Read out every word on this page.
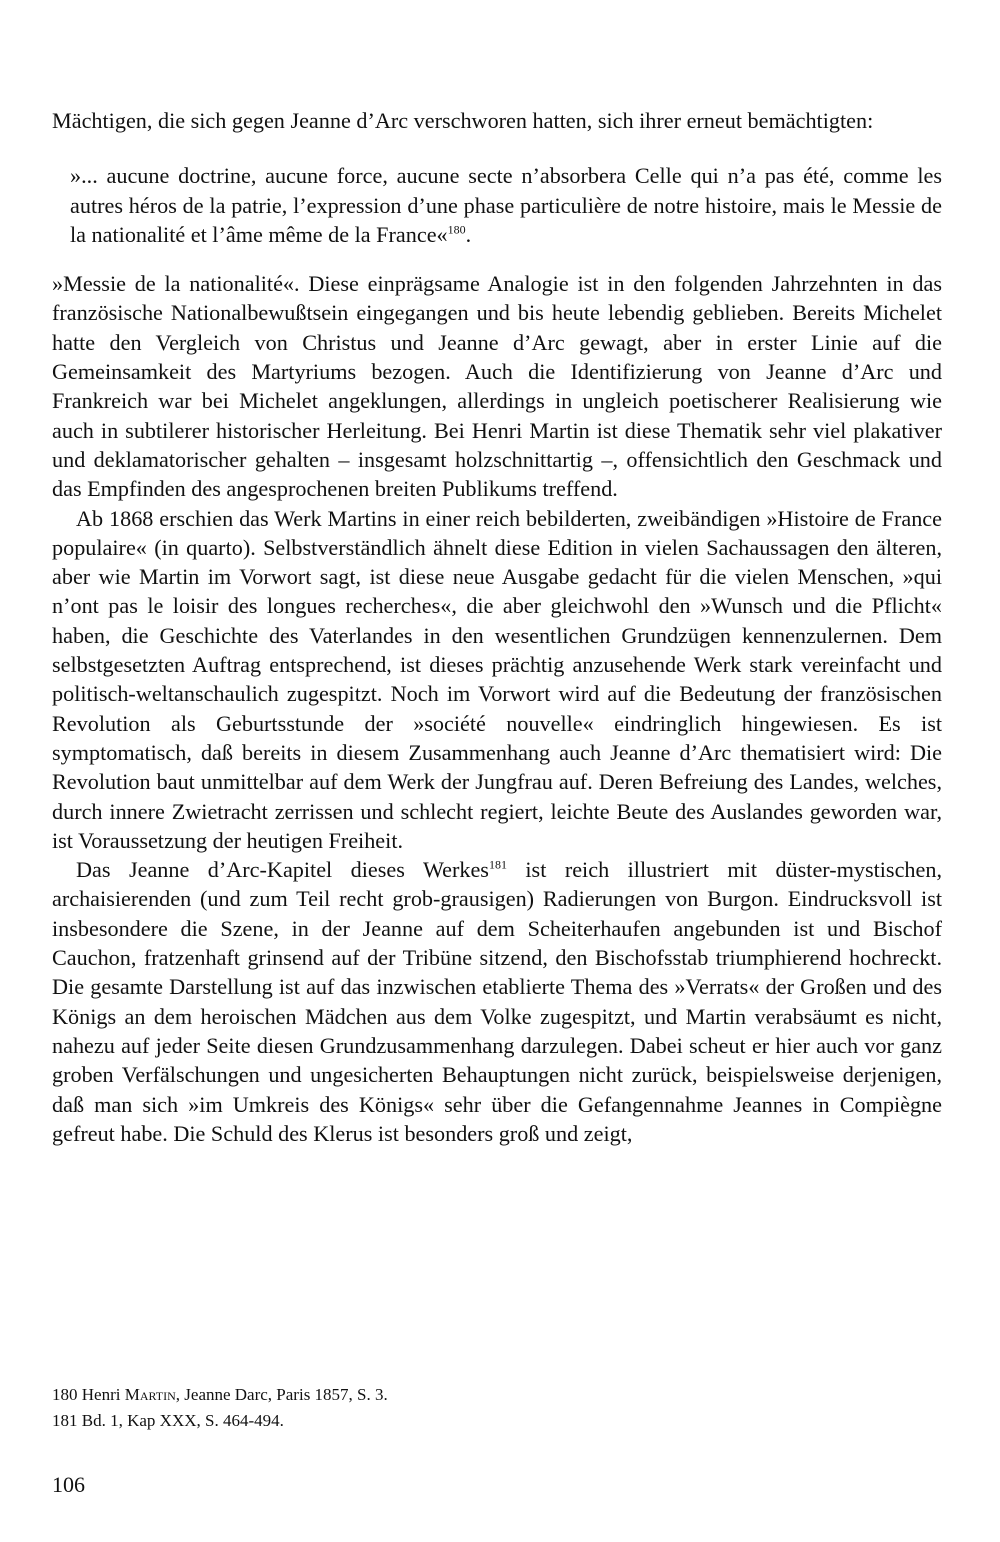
Mächtigen, die sich gegen Jeanne d’Arc verschworen hatten, sich ihrer erneut bemächtigten:

»... aucune doctrine, aucune force, aucune secte n’absorbera Celle qui n’a pas été, comme les autres héros de la patrie, l’expression d’une phase particulière de notre histoire, mais le Messie de la nationalité et l’âme même de la France«$^{180}$.

»Messie de la nationalité«. Diese einprägsame Analogie ist in den folgenden Jahrzehnten in das französische Nationalbewußtsein eingegangen und bis heute lebendig geblieben. Bereits Michelet hatte den Vergleich von Christus und Jeanne d’Arc gewagt, aber in erster Linie auf die Gemeinsamkeit des Martyriums bezogen. Auch die Identifizierung von Jeanne d’Arc und Frankreich war bei Michelet angeklungen, allerdings in ungleich poetischerer Realisierung wie auch in subtilerer historischer Herleitung. Bei Henri Martin ist diese Thematik sehr viel plakativer und deklamatorischer gehalten – insgesamt holzschnittartig –, offensichtlich den Geschmack und das Empfinden des angesprochenen breiten Publikums treffend.

Ab 1868 erschien das Werk Martins in einer reich bebilderten, zweibändigen »Histoire de France populaire« (in quarto). Selbstverständlich ähnelt diese Edition in vielen Sachaussagen den älteren, aber wie Martin im Vorwort sagt, ist diese neue Ausgabe gedacht für die vielen Menschen, »qui n’ont pas le loisir des longues recherches«, die aber gleichwohl den »Wunsch und die Pflicht« haben, die Geschichte des Vaterlandes in den wesentlichen Grundzügen kennenzulernen. Dem selbstgesetzten Auftrag entsprechend, ist dieses prächtig anzusehende Werk stark vereinfacht und politisch-weltanschaulich zugespitzt. Noch im Vorwort wird auf die Bedeutung der französischen Revolution als Geburtsstunde der »société nouvelle« eindringlich hingewiesen. Es ist symptomatisch, daß bereits in diesem Zusammenhang auch Jeanne d’Arc thematisiert wird: Die Revolution baut unmittelbar auf dem Werk der Jungfrau auf. Deren Befreiung des Landes, welches, durch innere Zwietracht zerrissen und schlecht regiert, leichte Beute des Auslandes geworden war, ist Voraussetzung der heutigen Freiheit.

Das Jeanne d’Arc-Kapitel dieses Werkes$^{181}$ ist reich illustriert mit düster-mystischen, archaisierenden (und zum Teil recht grob-grausigen) Radierungen von Burgon. Eindrucksvoll ist insbesondere die Szene, in der Jeanne auf dem Scheiterhaufen angebunden ist und Bischof Cauchon, fratzenhaft grinsend auf der Tribüne sitzend, den Bischofsstab triumphierend hochreckt. Die gesamte Darstellung ist auf das inzwischen etablierte Thema des »Verrats« der Großen und des Königs an dem heroischen Mädchen aus dem Volke zugespitzt, und Martin verabsäumt es nicht, nahezu auf jeder Seite diesen Grundzusammenhang darzulegen. Dabei scheut er hier auch vor ganz groben Verfälschungen und ungesicherten Behauptungen nicht zurück, beispielsweise derjenigen, daß man sich »im Umkreis des Königs« sehr über die Gefangennahme Jeannes in Compiègne gefreut habe. Die Schuld des Klerus ist besonders groß und zeigt,

180 Henri Martin, Jeanne Darc, Paris 1857, S. 3.
181 Bd. 1, Kap XXX, S. 464-494.
106
